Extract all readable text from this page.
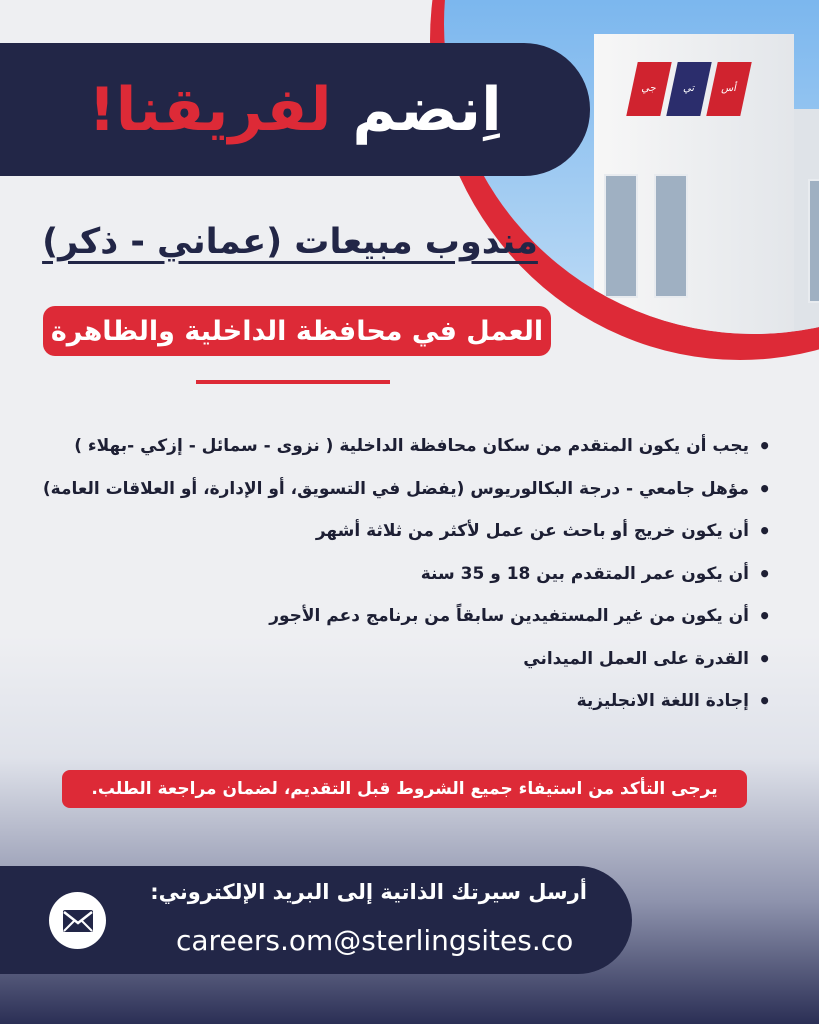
جي	تي	أس
اِنضم لفريقنا!
مندوب مبيعات (عماني - ذكر)
العمل في محافظة الداخلية والظاهرة
• يجب أن يكون المتقدم من سكان محافظة الداخلية ( نزوى - سمائل - إزكي -بهلاء )
• مؤهل جامعي - درجة البكالوريوس (يفضل في التسويق، أو الإدارة، أو العلاقات العامة)
• أن يكون خريج أو باحث عن عمل لأكثر من ثلاثة أشهر
• أن يكون عمر المتقدم بين 18 و 35 سنة
• أن يكون من غير المستفيدين سابقاً من برنامج دعم الأجور
• القدرة على العمل الميداني
• إجادة اللغة الانجليزية
يرجى التأكد من استيفاء جميع الشروط قبل التقديم، لضمان مراجعة الطلب.
أرسل سيرتك الذاتية إلى البريد الإلكتروني:
careers.om@sterlingsites.co
